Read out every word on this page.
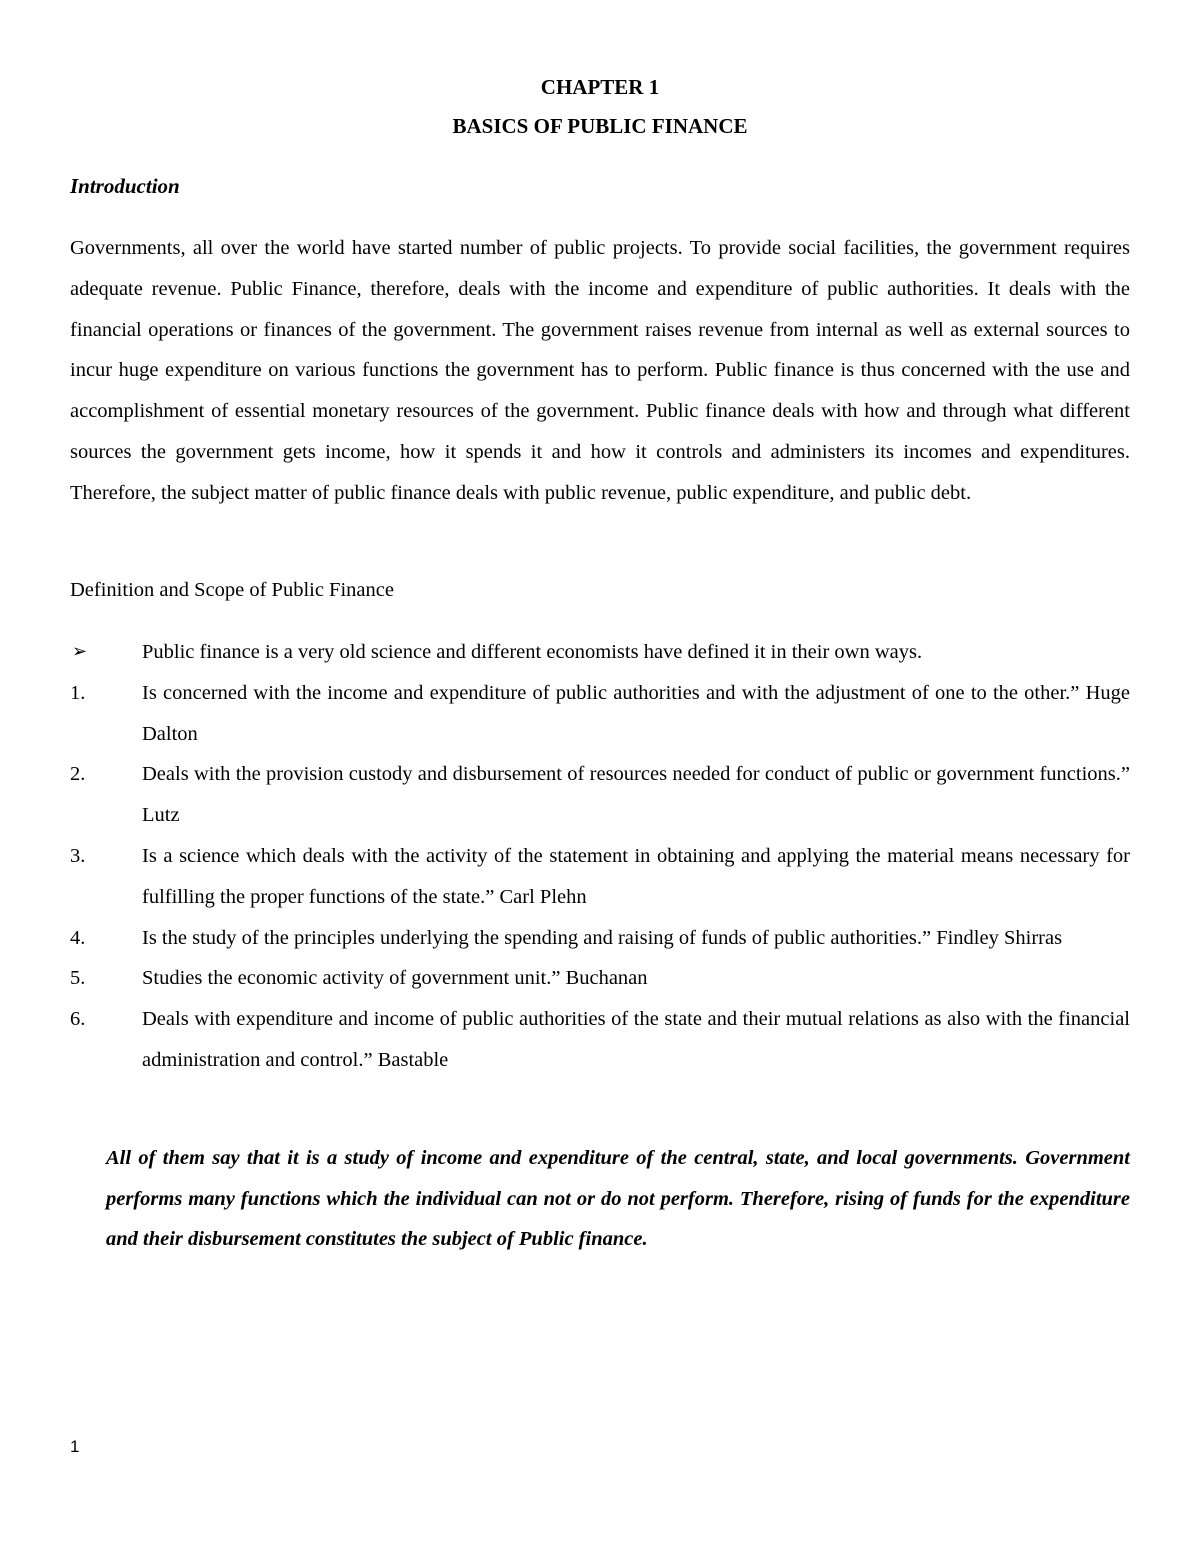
CHAPTER 1
BASICS OF PUBLIC FINANCE
Introduction

Governments, all over the world have started number of public projects. To provide social facilities, the government requires adequate revenue. Public Finance, therefore, deals with the income and expenditure of public authorities. It deals with the financial operations or finances of the government. The government raises revenue from internal as well as external sources to incur huge expenditure on various functions the government has to perform. Public finance is thus concerned with the use and accomplishment of essential monetary resources of the government. Public finance deals with how and through what different sources the government gets income, how it spends it and how it controls and administers its incomes and expenditures. Therefore, the subject matter of public finance deals with public revenue, public expenditure, and public debt.

Definition and Scope of Public Finance
➢	Public finance is a very old science and different economists have defined it in their own ways.
1.	Is concerned with the income and expenditure of public authorities and with the adjustment of one to the other.” Huge Dalton
2.	Deals with the provision custody and disbursement of resources needed for conduct of public or government functions.” Lutz
3.	Is a science which deals with the activity of the statement in obtaining and applying the material means necessary for fulfilling the proper functions of the state.” Carl Plehn
4.	Is the study of the principles underlying the spending and raising of funds of public authorities.” Findley Shirras
5.	Studies the economic activity of government unit.” Buchanan
6.	Deals with expenditure and income of public authorities of the state and their mutual relations as also with the financial administration and control.” Bastable

All of them say that it is a study of income and expenditure of the central, state, and local governments. Government performs many functions which the individual can not or do not perform. Therefore, rising of funds for the expenditure and their disbursement constitutes the subject of Public finance.

1
